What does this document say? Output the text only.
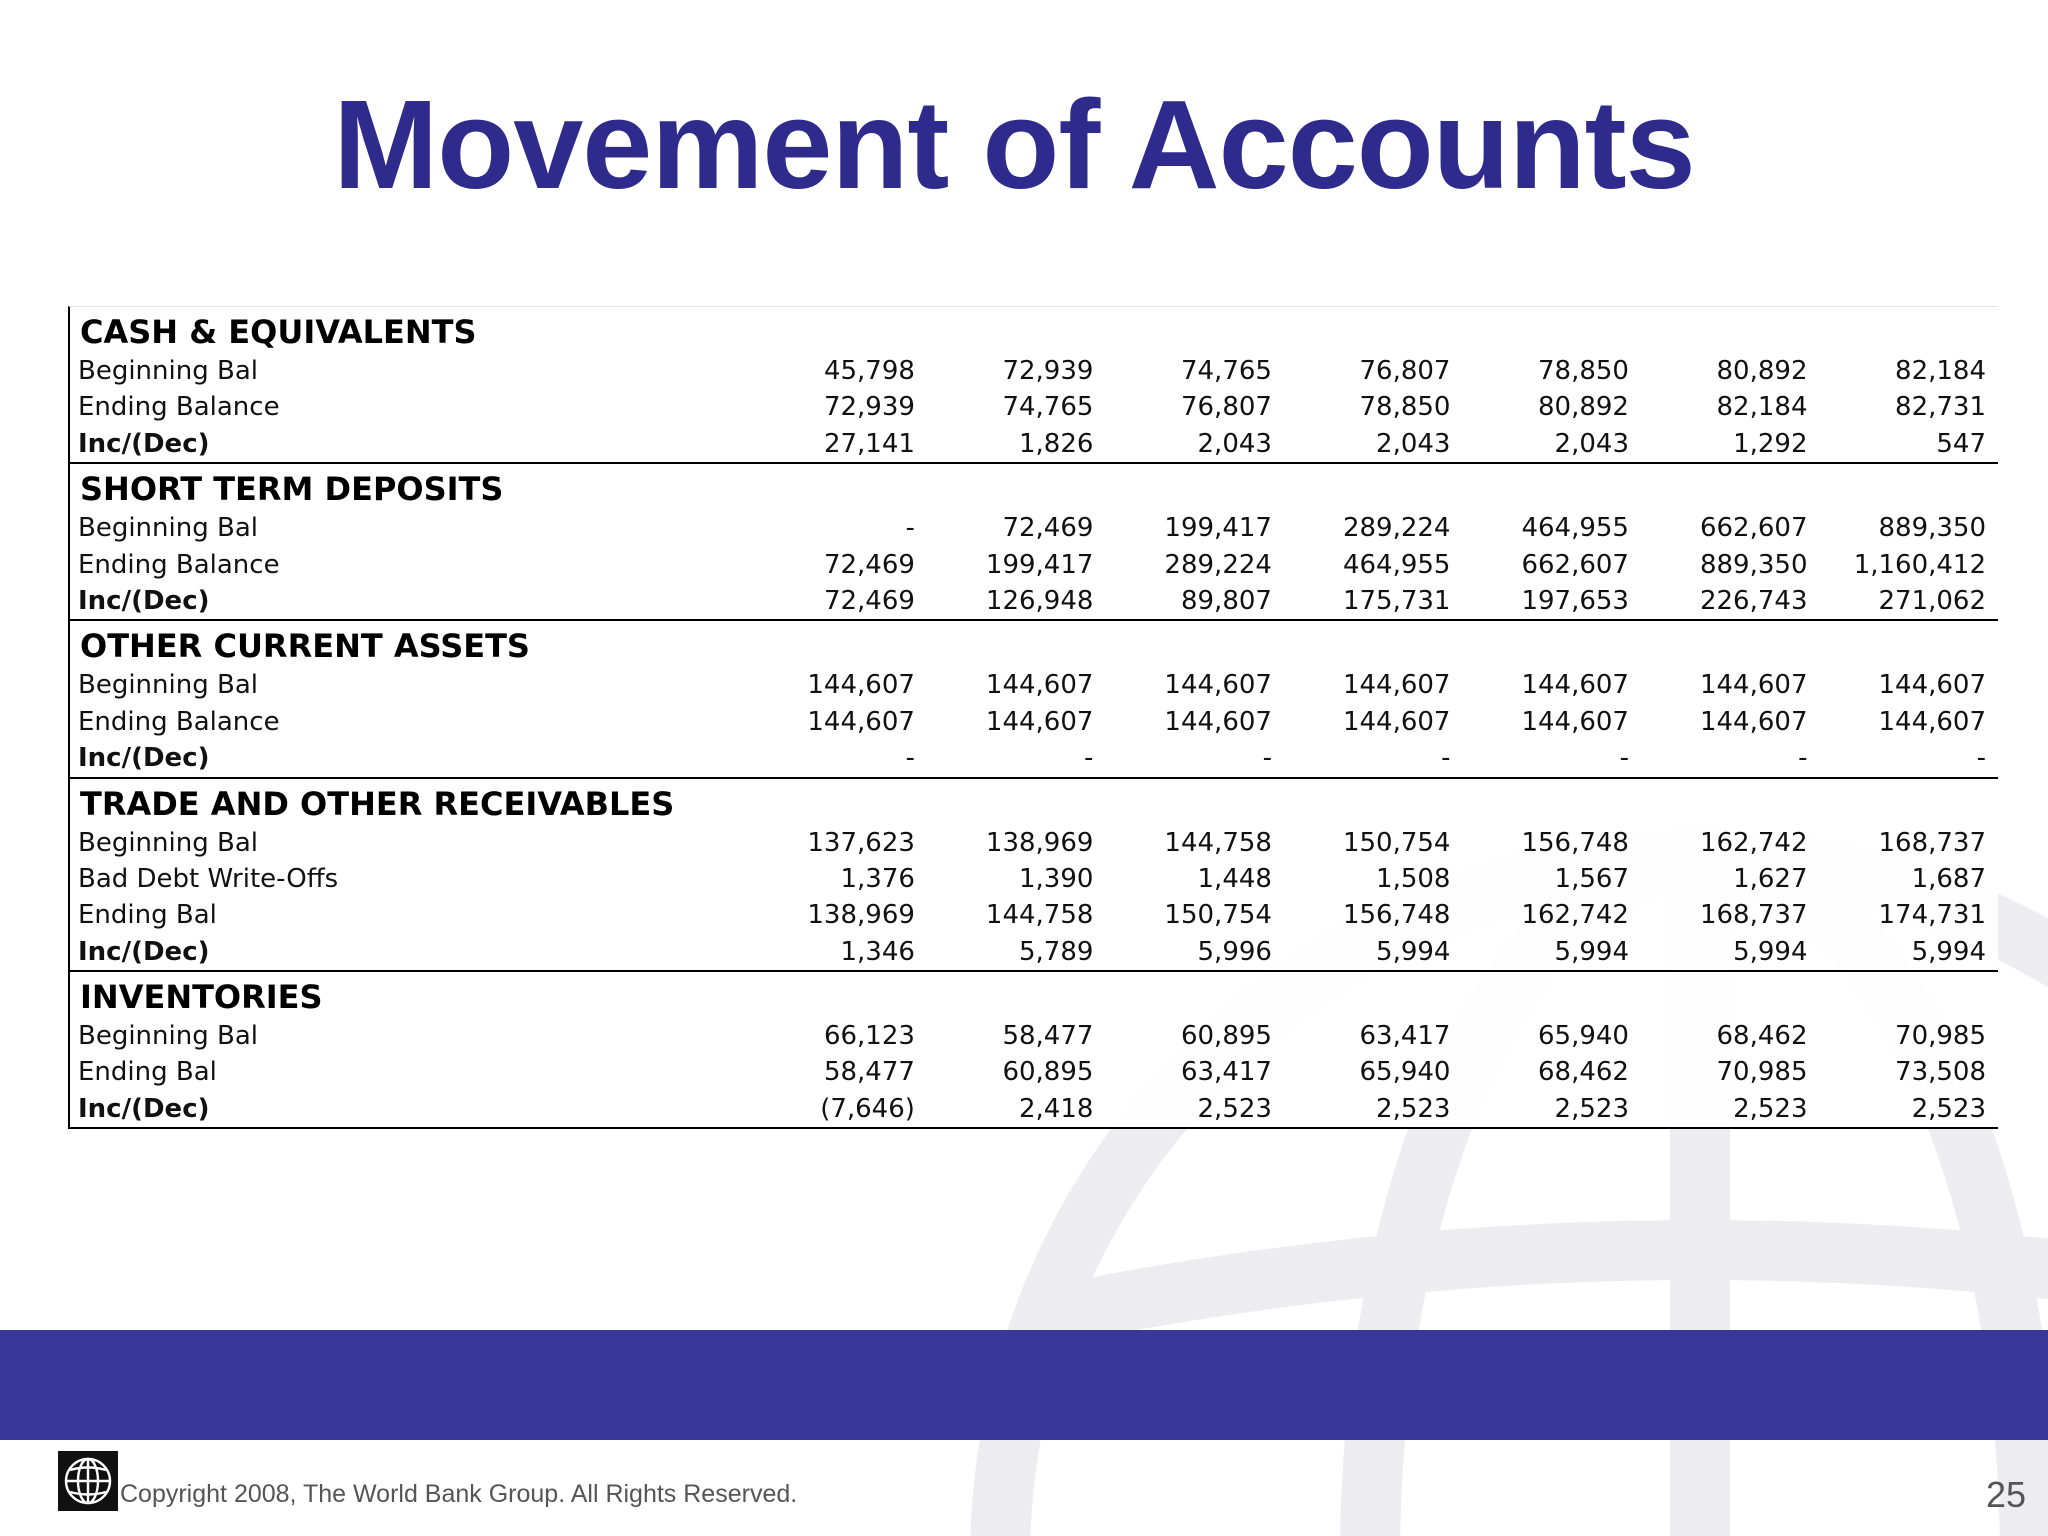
Movement of Accounts
CASH & EQUIVALENTS
Beginning Bal	45,798	72,939	74,765	76,807	78,850	80,892	82,184
Ending Balance	72,939	74,765	76,807	78,850	80,892	82,184	82,731
Inc/(Dec)	27,141	1,826	2,043	2,043	2,043	1,292	547
SHORT TERM DEPOSITS
Beginning Bal	-	72,469	199,417	289,224	464,955	662,607	889,350
Ending Balance	72,469	199,417	289,224	464,955	662,607	889,350	1,160,412
Inc/(Dec)	72,469	126,948	89,807	175,731	197,653	226,743	271,062
OTHER CURRENT ASSETS
Beginning Bal	144,607	144,607	144,607	144,607	144,607	144,607	144,607
Ending Balance	144,607	144,607	144,607	144,607	144,607	144,607	144,607
Inc/(Dec)	-	-	-	-	-	-	-
TRADE AND OTHER RECEIVABLES
Beginning Bal	137,623	138,969	144,758	150,754	156,748	162,742	168,737
Bad Debt Write-Offs	1,376	1,390	1,448	1,508	1,567	1,627	1,687
Ending Bal	138,969	144,758	150,754	156,748	162,742	168,737	174,731
Inc/(Dec)	1,346	5,789	5,996	5,994	5,994	5,994	5,994
INVENTORIES
Beginning Bal	66,123	58,477	60,895	63,417	65,940	68,462	70,985
Ending Bal	58,477	60,895	63,417	65,940	68,462	70,985	73,508
Inc/(Dec)	(7,646)	2,418	2,523	2,523	2,523	2,523	2,523
Copyright 2008, The World Bank Group. All Rights Reserved.	25
